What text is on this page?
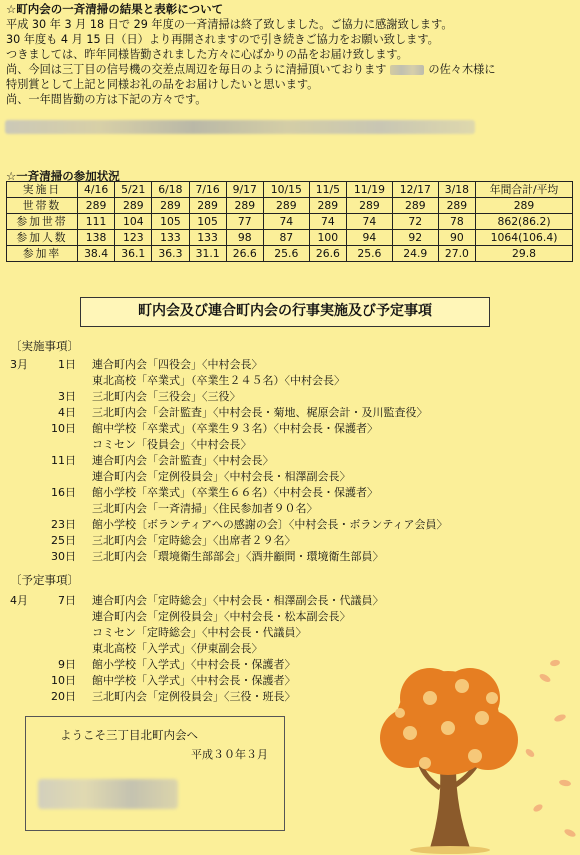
☆町内会の一斉清掃の結果と表彰について
平成 30 年 3 月 18 日で 29 年度の一斉清掃は終了致しました。ご協力に感謝致します。
30 年度も 4 月 15 日（日）より再開されますので引き続きご協力をお願い致します。
つきましては、昨年同様皆勤されました方々に心ばかりの品をお届け致します。
尚、今回は三丁目の信号機の交差点周辺を毎日のように清掃頂いております	の佐々木様に
特別賞として上記と同様お礼の品をお届けしたいと思います。
尚、一年間皆勤の方は下記の方々です。
☆一斉清掃の参加状況
実施日	4/16	5/21	6/18	7/16	9/17	10/15	11/5	11/19	12/17	3/18	年間合計/平均
世帯数	289	289	289	289	289	289	289	289	289	289	289
参加世帯	111	104	105	105	77	74	74	74	72	78	862(86.2)
参加人数	138	123	133	133	98	87	100	94	92	90	1064(106.4)
参加率	38.4	36.1	36.3	31.1	26.6	25.6	26.6	25.6	24.9	27.0	29.8
町内会及び連合町内会の行事実施及び予定事項
〔実施事項〕
3月	1日 連合町内会「四役会」〈中村会長〉
東北高校「卒業式」（卒業生２４５名）〈中村会長〉
3日 三北町内会「三役会」〈三役〉
4日 三北町内会「会計監査」〈中村会長・菊地、梶原会計・及川監査役〉
10日 館中学校「卒業式」（卒業生９３名）〈中村会長・保護者〉
コミセン「役員会」〈中村会長〉
11日 連合町内会「会計監査」〈中村会長〉
連合町内会「定例役員会」〈中村会長・相澤副会長〉
16日 館小学校「卒業式」（卒業生６６名）〈中村会長・保護者〉
三北町内会「一斉清掃」〈住民参加者９０名〉
23日 館小学校〔ボランティアへの感謝の会〕〈中村会長・ボランティア会員〉
25日 三北町内会「定時総会」〈出席者２９名〉
30日 三北町内会「環境衛生部部会」〈酒井顧問・環境衛生部員〉
〔予定事項〕
4月	7日 連合町内会「定時総会」〈中村会長・相澤副会長・代議員〉
連合町内会「定例役員会」〈中村会長・松本副会長〉
コミセン「定時総会」〈中村会長・代議員〉
東北高校「入学式」〈伊東副会長〉
9日 館小学校「入学式」〈中村会長・保護者〉
10日 館中学校「入学式」〈中村会長・保護者〉
20日 三北町内会「定例役員会」〈三役・班長〉
ようこそ三丁目北町内会へ
平成３０年３月
